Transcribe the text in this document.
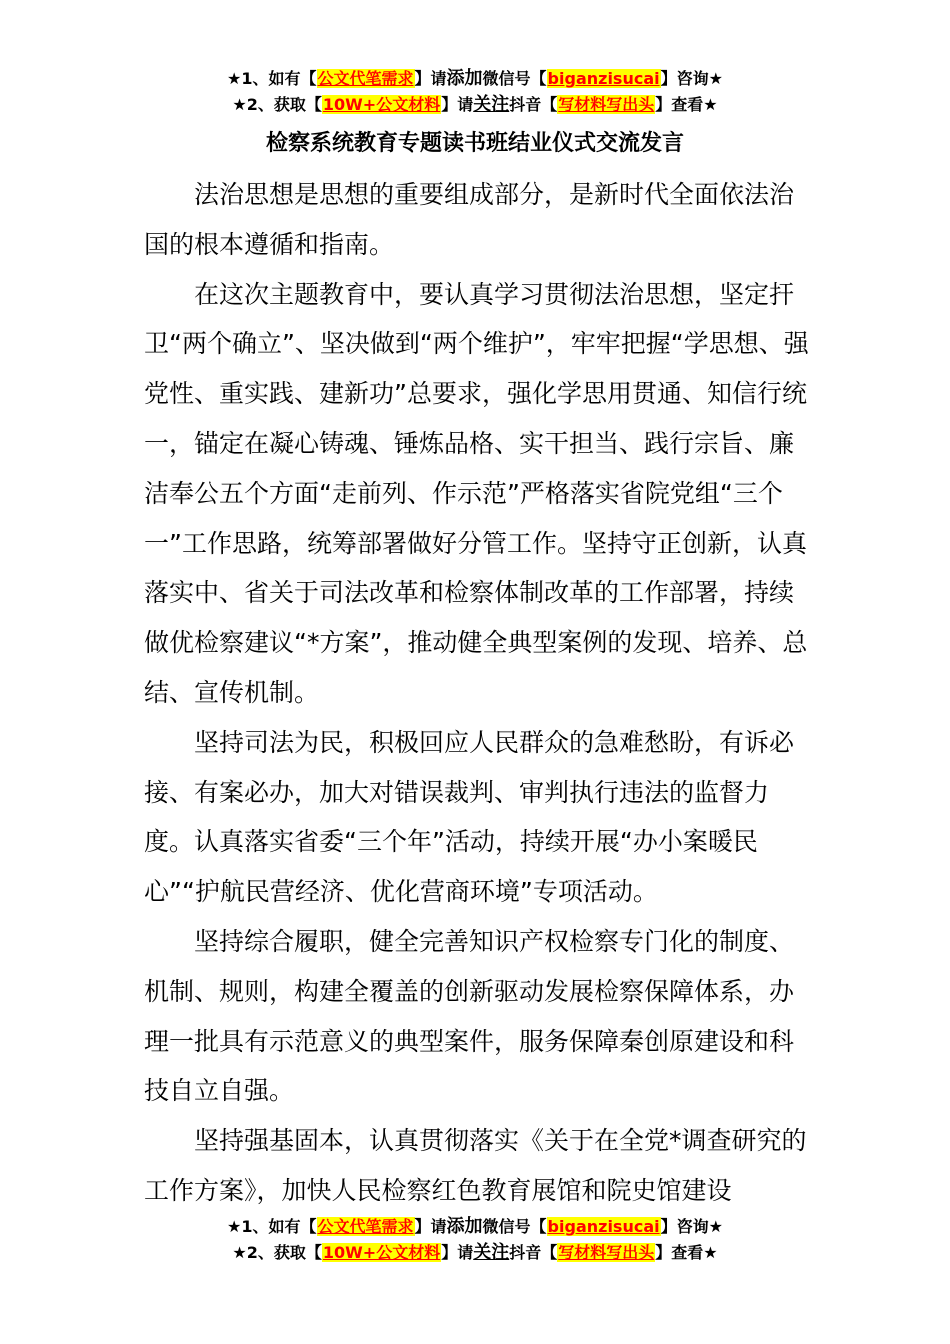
★1、如有【公文代笔需求】请添加微信号【biganzisucai】咨询★
★2、获取【10W+公文材料】请关注抖音【写材料写出头】查看★
检察系统教育专题读书班结业仪式交流发言

法治思想是思想的重要组成部分，是新时代全面依法治国的根本遵循和指南。

在这次主题教育中，要认真学习贯彻法治思想，坚定扞卫“两个确立”、坚决做到“两个维护”，牢牢把握“学思想、强党性、重实践、建新功”总要求，强化学思用贯通、知信行统一，锚定在凝心铸魂、锤炼品格、实干担当、践行宗旨、廉洁奉公五个方面“走前列、作示范”严格落实省院党组“三个一”工作思路，统筹部署做好分管工作。坚持守正创新，认真落实中、省关于司法改革和检察体制改革的工作部署，持续做优检察建议“*方案”，推动健全典型案例的发现、培养、总结、宣传机制。

坚持司法为民，积极回应人民群众的急难愁盼，有诉必接、有案必办，加大对错误裁判、审判执行违法的监督力度。认真落实省委“三个年”活动，持续开展“办小案暖民心”“护航民营经济、优化营商环境”专项活动。

坚持综合履职，健全完善知识产权检察专门化的制度、机制、规则，构建全覆盖的创新驱动发展检察保障体系，办理一批具有示范意义的典型案件，服务保障秦创原建设和科技自立自强。

坚持强基固本，认真贯彻落实《关于在全党*调查研究的工作方案》，加快人民检察红色教育展馆和院史馆建设

★1、如有【公文代笔需求】请添加微信号【biganzisucai】咨询★
★2、获取【10W+公文材料】请关注抖音【写材料写出头】查看★
